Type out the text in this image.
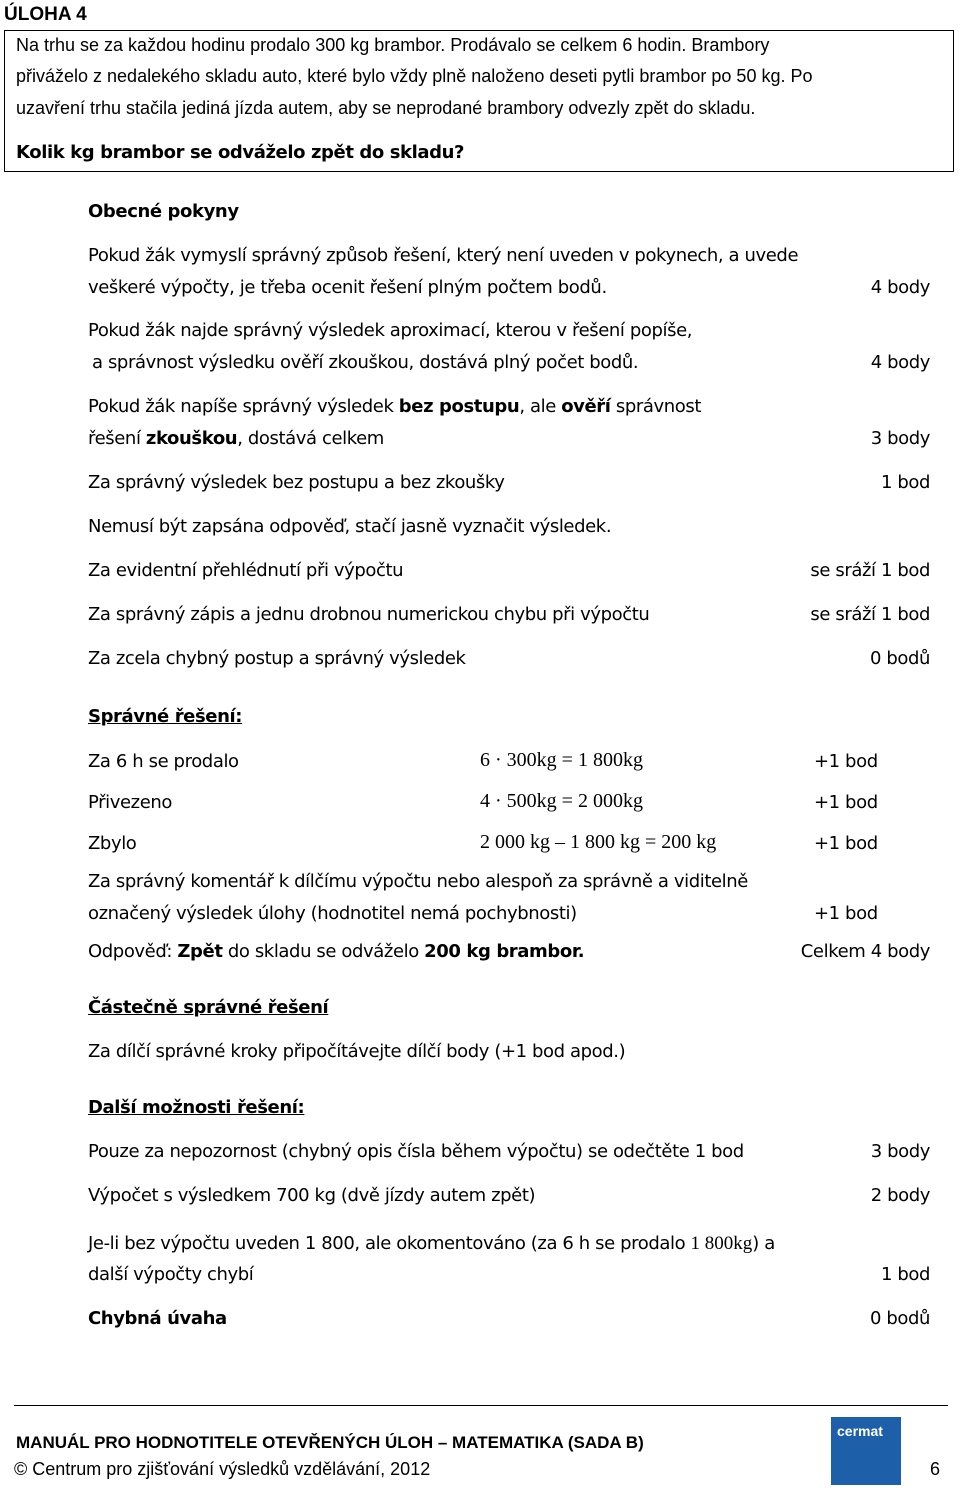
ÚLOHA 4
Na trhu se za každou hodinu prodalo 300 kg brambor. Prodávalo se celkem 6 hodin. Brambory
přiváželo z nedalekého skladu auto, které bylo vždy plně naloženo deseti pytli brambor po 50 kg. Po
uzavření trhu stačila jediná jízda autem, aby se neprodané brambory odvezly zpět do skladu.
Kolik kg brambor se odváželo zpět do skladu?
Obecné pokyny
Pokud žák vymyslí správný způsob řešení, který není uveden v pokynech, a uvede
veškeré výpočty, je třeba ocenit řešení plným počtem bodů.	4 body
Pokud žák najde správný výsledek aproximací, kterou v řešení popíše,
a správnost výsledku ověří zkouškou, dostává plný počet bodů.	4 body
Pokud žák napíše správný výsledek bez postupu, ale ověří správnost
řešení zkouškou, dostává celkem	3 body
Za správný výsledek bez postupu a bez zkoušky	1 bod
Nemusí být zapsána odpověď, stačí jasně vyznačit výsledek.
Za evidentní přehlédnutí při výpočtu	se sráží 1 bod
Za správný zápis a jednu drobnou numerickou chybu při výpočtu	se sráží 1 bod
Za zcela chybný postup a správný výsledek	0 bodů
Správné řešení:
Za 6 h se prodalo	6 · 300kg = 1 800kg	+1 bod
Přivezeno	4 · 500kg = 2 000kg	+1 bod
Zbylo	2 000 kg – 1 800 kg = 200 kg	+1 bod
Za správný komentář k dílčímu výpočtu nebo alespoň za správně a viditelně
označený výsledek úlohy (hodnotitel nemá pochybnosti)	+1 bod
Odpověď: Zpět do skladu se odváželo 200 kg brambor.	Celkem 4 body
Částečně správné řešení
Za dílčí správné kroky připočítávejte dílčí body (+1 bod apod.)
Další možnosti řešení:
Pouze za nepozornost (chybný opis čísla během výpočtu) se odečtěte 1 bod	3 body
Výpočet s výsledkem 700 kg (dvě jízdy autem zpět)	2 body
Je-li bez výpočtu uveden 1 800, ale okomentováno (za 6 h se prodalo 1 800kg) a
další výpočty chybí	1 bod
Chybná úvaha	0 bodů
MANUÁL PRO HODNOTITELE OTEVŘENÝCH ÚLOH – MATEMATIKA (SADA B)
© Centrum pro zjišťování výsledků vzdělávání, 2012	6
cermat
